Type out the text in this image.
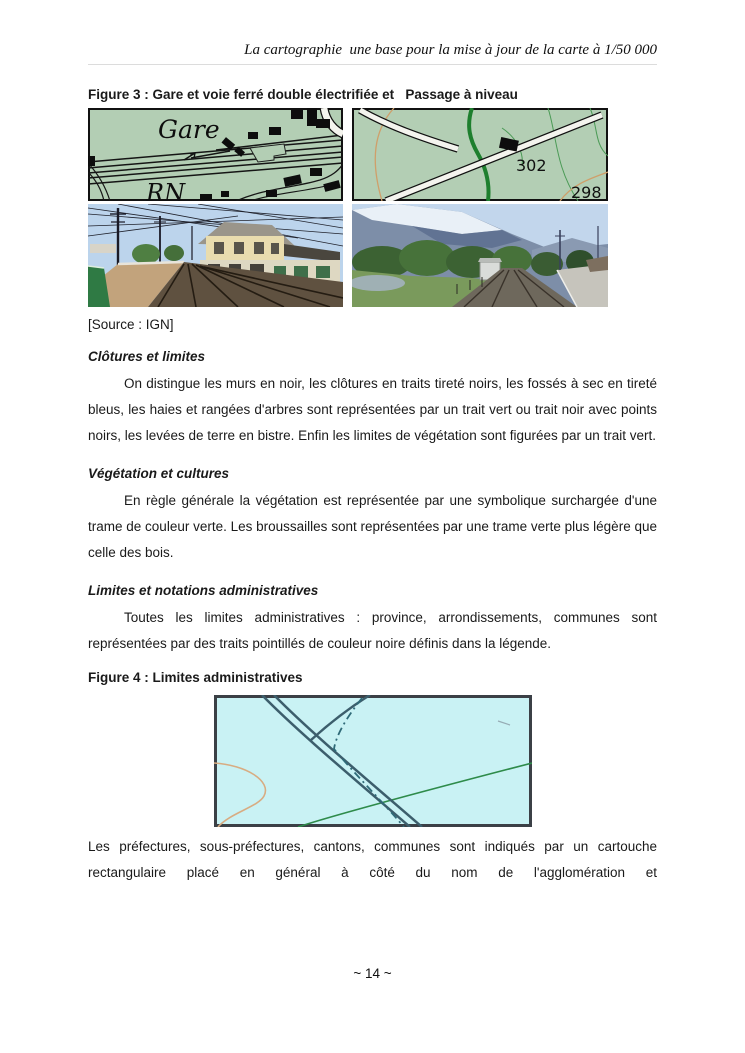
La cartographie  une base pour la mise à jour de la carte à 1/50 000
Figure 3 : Gare et voie ferré double électrifiée et   Passage à niveau
Gare
RN
302
298
[Source : IGN]
Clôtures et limites

On distingue les murs en noir, les clôtures en traits tireté noirs, les fossés à sec en tireté bleus, les haies et rangées d'arbres sont représentées par un trait vert ou trait noir avec points noirs, les levées de terre en bistre. Enfin les limites de végétation sont figurées par un trait vert.

Végétation et cultures

En règle générale la végétation est représentée par une symbolique surchargée d'une trame de couleur verte. Les broussailles sont représentées par une trame verte plus légère que celle des bois.

Limites et notations administratives

Toutes les limites administratives : province, arrondissements, communes sont représentées par des traits pointillés de couleur noire définis dans la légende.

Figure 4 : Limites administratives

Les préfectures, sous-préfectures, cantons, communes sont indiqués par un cartouche rectangulaire placé en général à côté du nom de l'agglomération et

~ 14 ~
